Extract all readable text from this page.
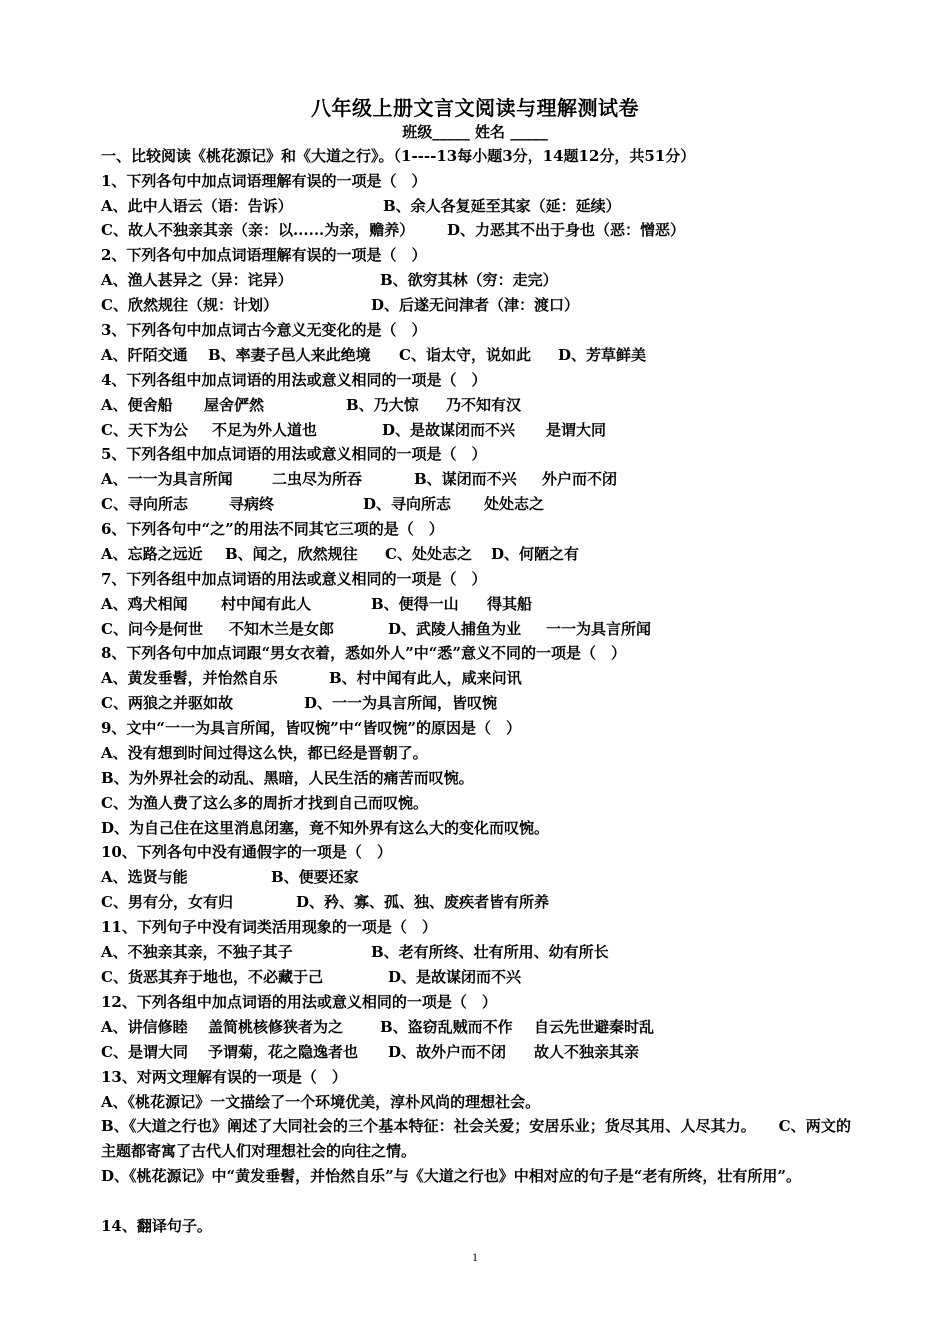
八年级上册文言文阅读与理解测试卷
班级_____ 姓名 _____
一、比较阅读《桃花源记》和《大道之行》。（1----13每小题3分，14题12分，共51分）
1、下列各句中加点词语理解有误的一项是（　）
A、此中人语云（语：告诉）	B、余人各复延至其家（延：延续）
C、故人不独亲其亲（亲：以......为亲，赡养） D、力恶其不出于身也（恶：憎恶）
2、下列各句中加点词语理解有误的一项是（　）
A、渔人甚异之（异：诧异）	B、欲穷其林（穷：走完）
C、欣然规往（规：计划）	D、后遂无问津者（津：渡口）
3、下列各句中加点词古今意义无变化的是（　）
A、阡陌交通 B、率妻子邑人来此绝境 C、诣太守，说如此 D、芳草鲜美
4、下列各组中加点词语的用法或意义相同的一项是（　）
A、便舍船 屋舍俨然	B、乃大惊 乃不知有汉
C、天下为公 不足为外人道也	D、是故谋闭而不兴 是谓大同
5、下列各组中加点词语的用法或意义相同的一项是（　）
A、一一为具言所闻	二虫尽为所吞	B、谋闭而不兴 外户而不闭
C、寻向所志	寻病终	D、寻向所志 处处志之
6、下列各句中“之”的用法不同其它三项的是（　）
A、忘路之远近 B、闻之，欣然规往 C、处处志之 D、何陋之有
7、下列各组中加点词语的用法或意义相同的一项是（　）
A、鸡犬相闻 村中闻有此人	B、便得一山 得其船
C、问今是何世 不知木兰是女郎	D、武陵人捕鱼为业 一一为具言所闻
8、下列各句中加点词跟“男女衣着，悉如外人”中“悉”意义不同的一项是（　）
A、黄发垂髫，并怡然自乐	B、村中闻有此人，咸来问讯
C、两狼之并驱如故	D、一一为具言所闻，皆叹惋
9、文中“一一为具言所闻，皆叹惋”中“皆叹惋”的原因是（　）
A、没有想到时间过得这么快，都已经是晋朝了。
B、为外界社会的动乱、黑暗，人民生活的痛苦而叹惋。
C、为渔人费了这么多的周折才找到自己而叹惋。
D、为自己住在这里消息闭塞，竟不知外界有这么大的变化而叹惋。
10、下列各句中没有通假字的一项是（　）
A、选贤与能	B、便要还家
C、男有分，女有归	D、矜、寡、孤、独、废疾者皆有所养
11、下列句子中没有词类活用现象的一项是（　）
A、不独亲其亲，不独子其子	B、老有所终、壮有所用、幼有所长
C、货恶其弃于地也，不必藏于己	D、是故谋闭而不兴
12、下列各组中加点词语的用法或意义相同的一项是（　）
A、讲信修睦 盖简桃核修狭者为之 B、盗窃乱贼而不作 自云先世避秦时乱
C、是谓大同 予谓菊，花之隐逸者也 D、故外户而不闭 故人不独亲其亲
13、对两文理解有误的一项是（　）
A、《桃花源记》一文描绘了一个环境优美，淳朴风尚的理想社会。
B、《大道之行也》阐述了大同社会的三个基本特征：社会关爱；安居乐业；货尽其用、人尽其力。　　C、两文的主题都寄寓了古代人们对理想社会的向往之情。
D、《桃花源记》中“黄发垂髫，并怡然自乐”与《大道之行也》中相对应的句子是“老有所终，壮有所用”。
14、翻译句子。
1
